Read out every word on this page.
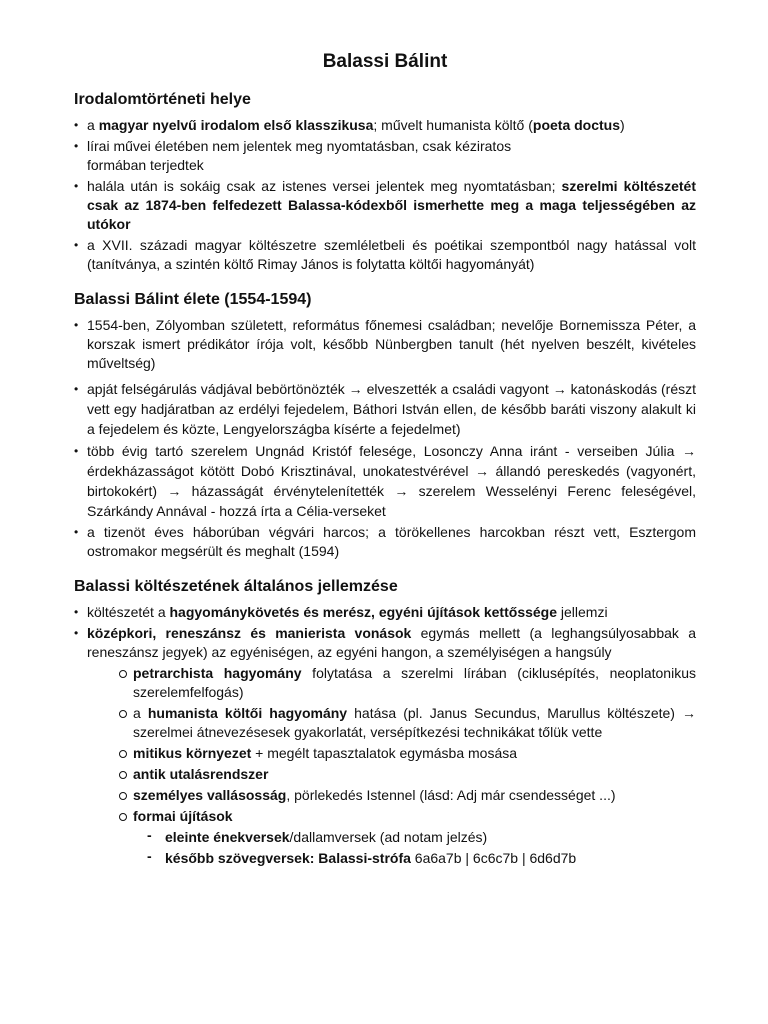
Balassi Bálint
Irodalomtörténeti helye
• a magyar nyelvű irodalom első klasszikusa; művelt humanista költő (poeta doctus)
• lírai művei életében nem jelentek meg nyomtatásban, csak kéziratos formában terjedtek
• halála után is sokáig csak az istenes versei jelentek meg nyomtatásban; szerelmi költészetét csak az 1874-ben felfedezett Balassa-kódexből ismerhette meg a maga teljességében az utókor
• a XVII. századi magyar költészetre szemléletbeli és poétikai szempontból nagy hatással volt (tanítványa, a szintén költő Rimay János is folytatta költői hagyományát)
Balassi Bálint élete (1554-1594)
• 1554-ben, Zólyomban született, református főnemesi családban; nevelője Bornemissza Péter, a korszak ismert prédikátor írója volt, később Nünbergben tanult (hét nyelven beszélt, kivételes műveltség)
• apját felségárulás vádjával bebörtönözték → elveszették a családi vagyont → katonáskodás (részt vett egy hadjáratban az erdélyi fejedelem, Báthori István ellen, de később baráti viszony alakult ki a fejedelem és közte, Lengyelországba kísérte a fejedelmet)
• több évig tartó szerelem Ungnád Kristóf felesége, Losonczy Anna iránt - verseiben Júlia → érdekházasságot kötött Dobó Krisztinával, unokatestvérével → állandó pereskedés (vagyonért, birtokokért) → házasságát érvénytelenítették → szerelem Wesselényi Ferenc feleségével, Szárkándy Annával - hozzá írta a Célia-verseket
• a tizenöt éves háborúban végvári harcos; a törökellenes harcokban részt vett, Esztergom ostromakor megsérült és meghalt (1594)
Balassi költészetének általános jellemzése
• költészetét a hagyománykövetés és merész, egyéni újítások kettőssége jellemzi
• középkori, reneszánsz és manierista vonások egymás mellett (a leghangsúlyosabbak a reneszánsz jegyek) az egyéniségen, az egyéni hangon, a személyiségen a hangsúly
petrarchista hagyomány folytatása a szerelmi lírában (ciklusépítés, neoplatonikus szerelemfelfogás)
a humanista költői hagyomány hatása (pl. Janus Secundus, Marullus költészete) → szerelmei átnevezésesek gyakorlatát, versépítkezési technikákat tőlük vette
mitikus környezet + megélt tapasztalatok egymásba mosása
antik utalásrendszer
személyes vallásosság, pörlekedés Istennel (lásd: Adj már csendességet ...)
formai újítások
- eleinte énekversek/dallamversek (ad notam jelzés)
- később szövegversek: Balassi-strófa 6a6a7b | 6c6c7b | 6d6d7b
